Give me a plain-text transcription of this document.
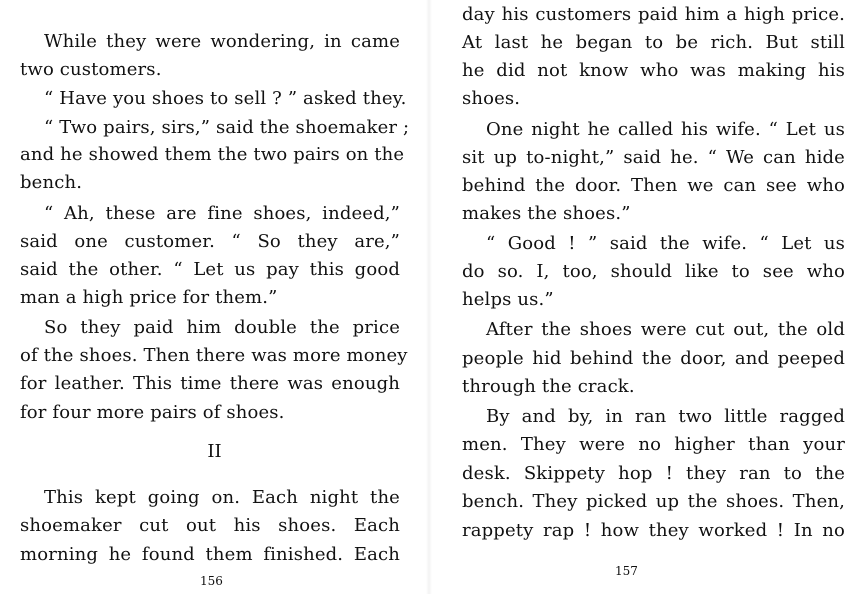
While they were wondering, in came

two customers.

“ Have you shoes to sell ? ” asked they.

“ Two pairs, sirs,” said the shoemaker ;

and he showed them the two pairs on the

bench.

“ Ah, these are fine shoes, indeed,”

said one customer. “ So they are,”

said the other. “ Let us pay this good

man a high price for them.”

So they paid him double the price

of the shoes. Then there was more money

for leather. This time there was enough

for four more pairs of shoes.

II

This kept going on. Each night the

shoemaker cut out his shoes. Each

morning he found them finished. Each

156

day his customers paid him a high price.

At last he began to be rich. But still

he did not know who was making his

shoes.

One night he called his wife. “ Let us

sit up to-night,” said he. “ We can hide

behind the door. Then we can see who

makes the shoes.”

“ Good ! ” said the wife. “ Let us

do so. I, too, should like to see who

helps us.”

After the shoes were cut out, the old

people hid behind the door, and peeped

through the crack.

By and by, in ran two little ragged

men. They were no higher than your

desk. Skippety hop ! they ran to the

bench. They picked up the shoes. Then,

rappety rap ! how they worked ! In no

157
